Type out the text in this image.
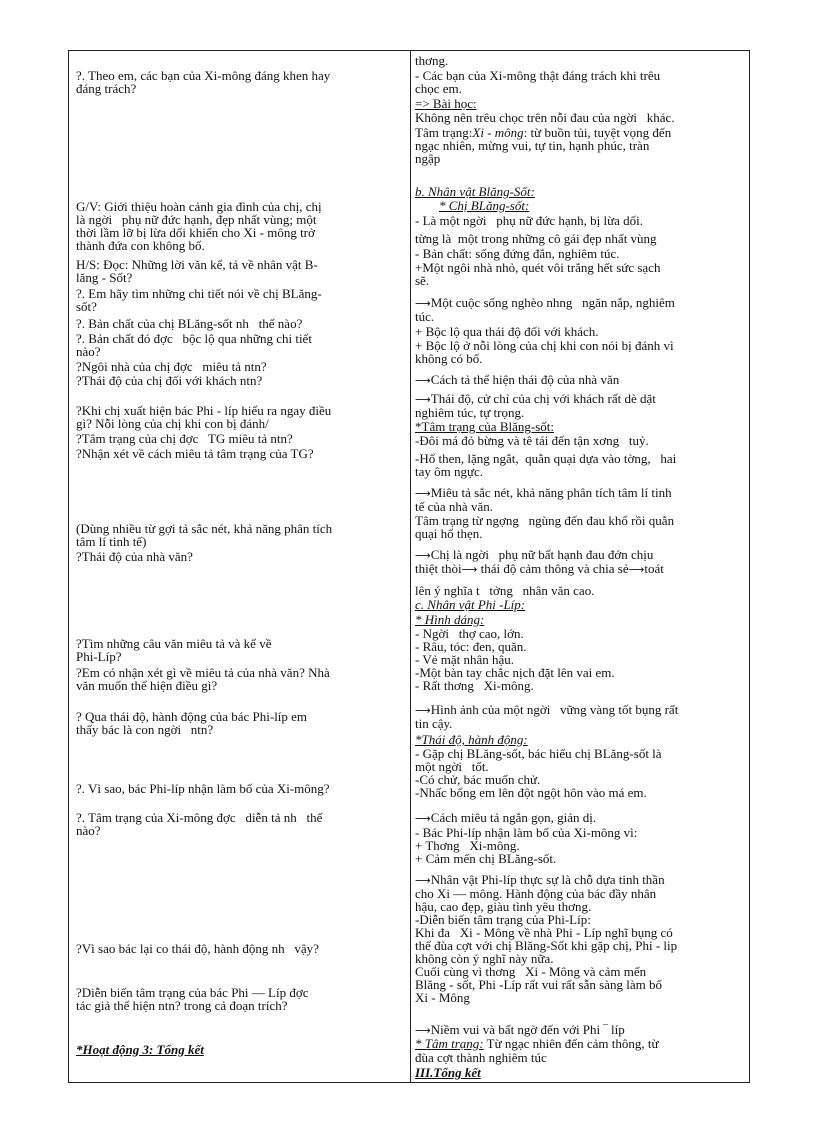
?. Theo em, các bạn của Xi-mông đáng khen hay
đáng trách?
G/V: Giới thiệu hoàn cảnh gia đình của chị, chị
là ngời   phụ nữ đức hạnh, đẹp nhất vùng; một
thời lầm lỡ bị lừa dối khiến cho Xi - mông trở
thành đứa con không bố.
H/S: Đọc: Những lời văn kể, tả về nhân vật B-
lăng - Sốt?
?. Em hãy tìm những chi tiết nói về chị BLăng-
sốt?
?. Bản chất của chị BLăng-sốt nh   thế nào?
?. Bản chất đó đợc   bộc lộ qua những chi tiết
nào?
?Ngôi nhà của chị đợc   miêu tả ntn?
?Thái độ của chị đối với khách ntn?
?Khi chị xuất hiện bác Phi - líp hiểu ra ngay điều
gì? Nỗi lòng của chị khi con bị đánh/
?Tâm trạng của chị đợc   TG miêu tả ntn?
?Nhận xét về cách miêu tả tâm trạng của TG?
(Dùng nhiều từ gợi tả sắc nét, khả năng phân tích
tâm lí tinh tế)
?Thái độ của nhà văn?
?Tìm những câu văn miêu tả và kể về
Phi-Líp?
?Em có nhận xét gì về miêu tả của nhà văn? Nhà
văn muốn thể hiện điều gì?
? Qua thái độ, hành động của bác Phi-líp em
thấy bác là con ngời   ntn?
?. Vì sao, bác Phi-líp nhận làm bố của Xi-mông?
?. Tâm trạng của Xi-mông đợc   diễn tả nh   thế
nào?
?Vì sao bác lại co thái độ, hành động nh   vậy?
?Diễn biến tâm trạng của bác Phi — Líp đợc
tác giả thể hiện ntn? trong cả đoạn trích?
*Hoạt động 3: Tổng kết
thơng.
- Các bạn của Xi-mông thật đáng trách khi trêu
chọc em.
=> Bài học:
Không nên trêu chọc trên nỗi đau của ngời   khác.
Tâm trạng:Xi - mông: từ buồn tủi, tuyệt vọng đến
ngạc nhiên, mừng vui, tự tin, hạnh phúc, tràn
ngập
b. Nhân vật Blăng-Sốt:
* Chị BLăng-sốt:
- Là một ngời   phụ nữ đức hạnh, bị lừa dối.
từng là  một trong những cô gái đẹp nhất vùng
- Bản chất: sống đứng đắn, nghiêm túc.
+Một ngôi nhà nhỏ, quét vôi trắng hết sức sạch
sẽ.
⟶Một cuộc sống nghèo nhng   ngăn nắp, nghiêm
túc.
+ Bộc lộ qua thái độ đối với khách.
+ Bộc lộ ở nỗi lòng của chị khi con nói bị đánh vì
không có bố.
⟶Cách tả thể hiện thái độ của nhà văn
⟶Thái độ, cử chỉ của chị với khách rất dè dặt
nghiêm túc, tự trọng.
*Tâm trạng của Blăng-sốt:
-Đôi má đỏ bừng và tê tái đến tận xơng   tuỷ.
-Hổ then, lặng ngắt,  quằn quại dựa vào tờng,   hai
tay ôm ngực.
⟶Miêu tả sắc nét, khả năng phân tích tâm lí tinh
tế của nhà văn.
Tâm trạng từ ngợng   ngùng đến đau khổ rồi quằn
quại hổ thẹn.
⟶Chị là ngời   phụ nữ bất hạnh đau đớn chịu
thiệt thòi⟶ thái độ cảm thông và chia sẻ⟶toát
lên ý nghĩa t   tởng   nhân văn cao.
c. Nhân vật Phi -Líp:
* Hình dáng:
- Ngời   thợ cao, lớn.
- Râu, tóc: đen, quăn.
- Vẻ mặt nhân hậu.
-Một bàn tay chắc nịch đặt lên vai em.
- Rất thơng   Xi-mông.
⟶Hình ảnh của một ngời   vững vàng tốt bụng rất
tin cậy.
*Thái độ, hành động:
- Gặp chị BLăng-sốt, bác hiểu chị BLăng-sốt là
một ngời   tốt.
-Có chử, bác muốn chử.
-Nhấc bổng em lên đột ngột hôn vào má em.
⟶Cách miêu tả ngắn gọn, giản dị.
- Bác Phi-líp nhận làm bố của Xi-mông vì:
+ Thơng   Xi-mông.
+ Cảm mến chị BLăng-sốt.
⟶Nhân vật Phi-líp thực sự là chỗ dựa tinh thần
cho Xi — mông. Hành động của bác đầy nhân
hậu, cao đẹp, giàu tình yêu thơng.
-Diễn biến tâm trạng của Phi-Líp:
Khi đa   Xi - Mông về nhà Phi - Líp nghĩ bụng có
thể đùa cợt với chị Blăng-Sốt khi gặp chị, Phi - lip
không còn ý nghĩ này nữa.
Cuối cùng vì thơng   Xi - Mông và cảm mến
Blăng - sốt, Phi -Líp rất vui rất sẵn sàng làm bố
Xi - Mông
⟶Niềm vui và bất ngờ đến với Phi ‾ líp
* Tâm trạng: Từ ngạc nhiên đến cảm thông, từ
đùa cợt thành nghiêm túc
III.Tổng kết
